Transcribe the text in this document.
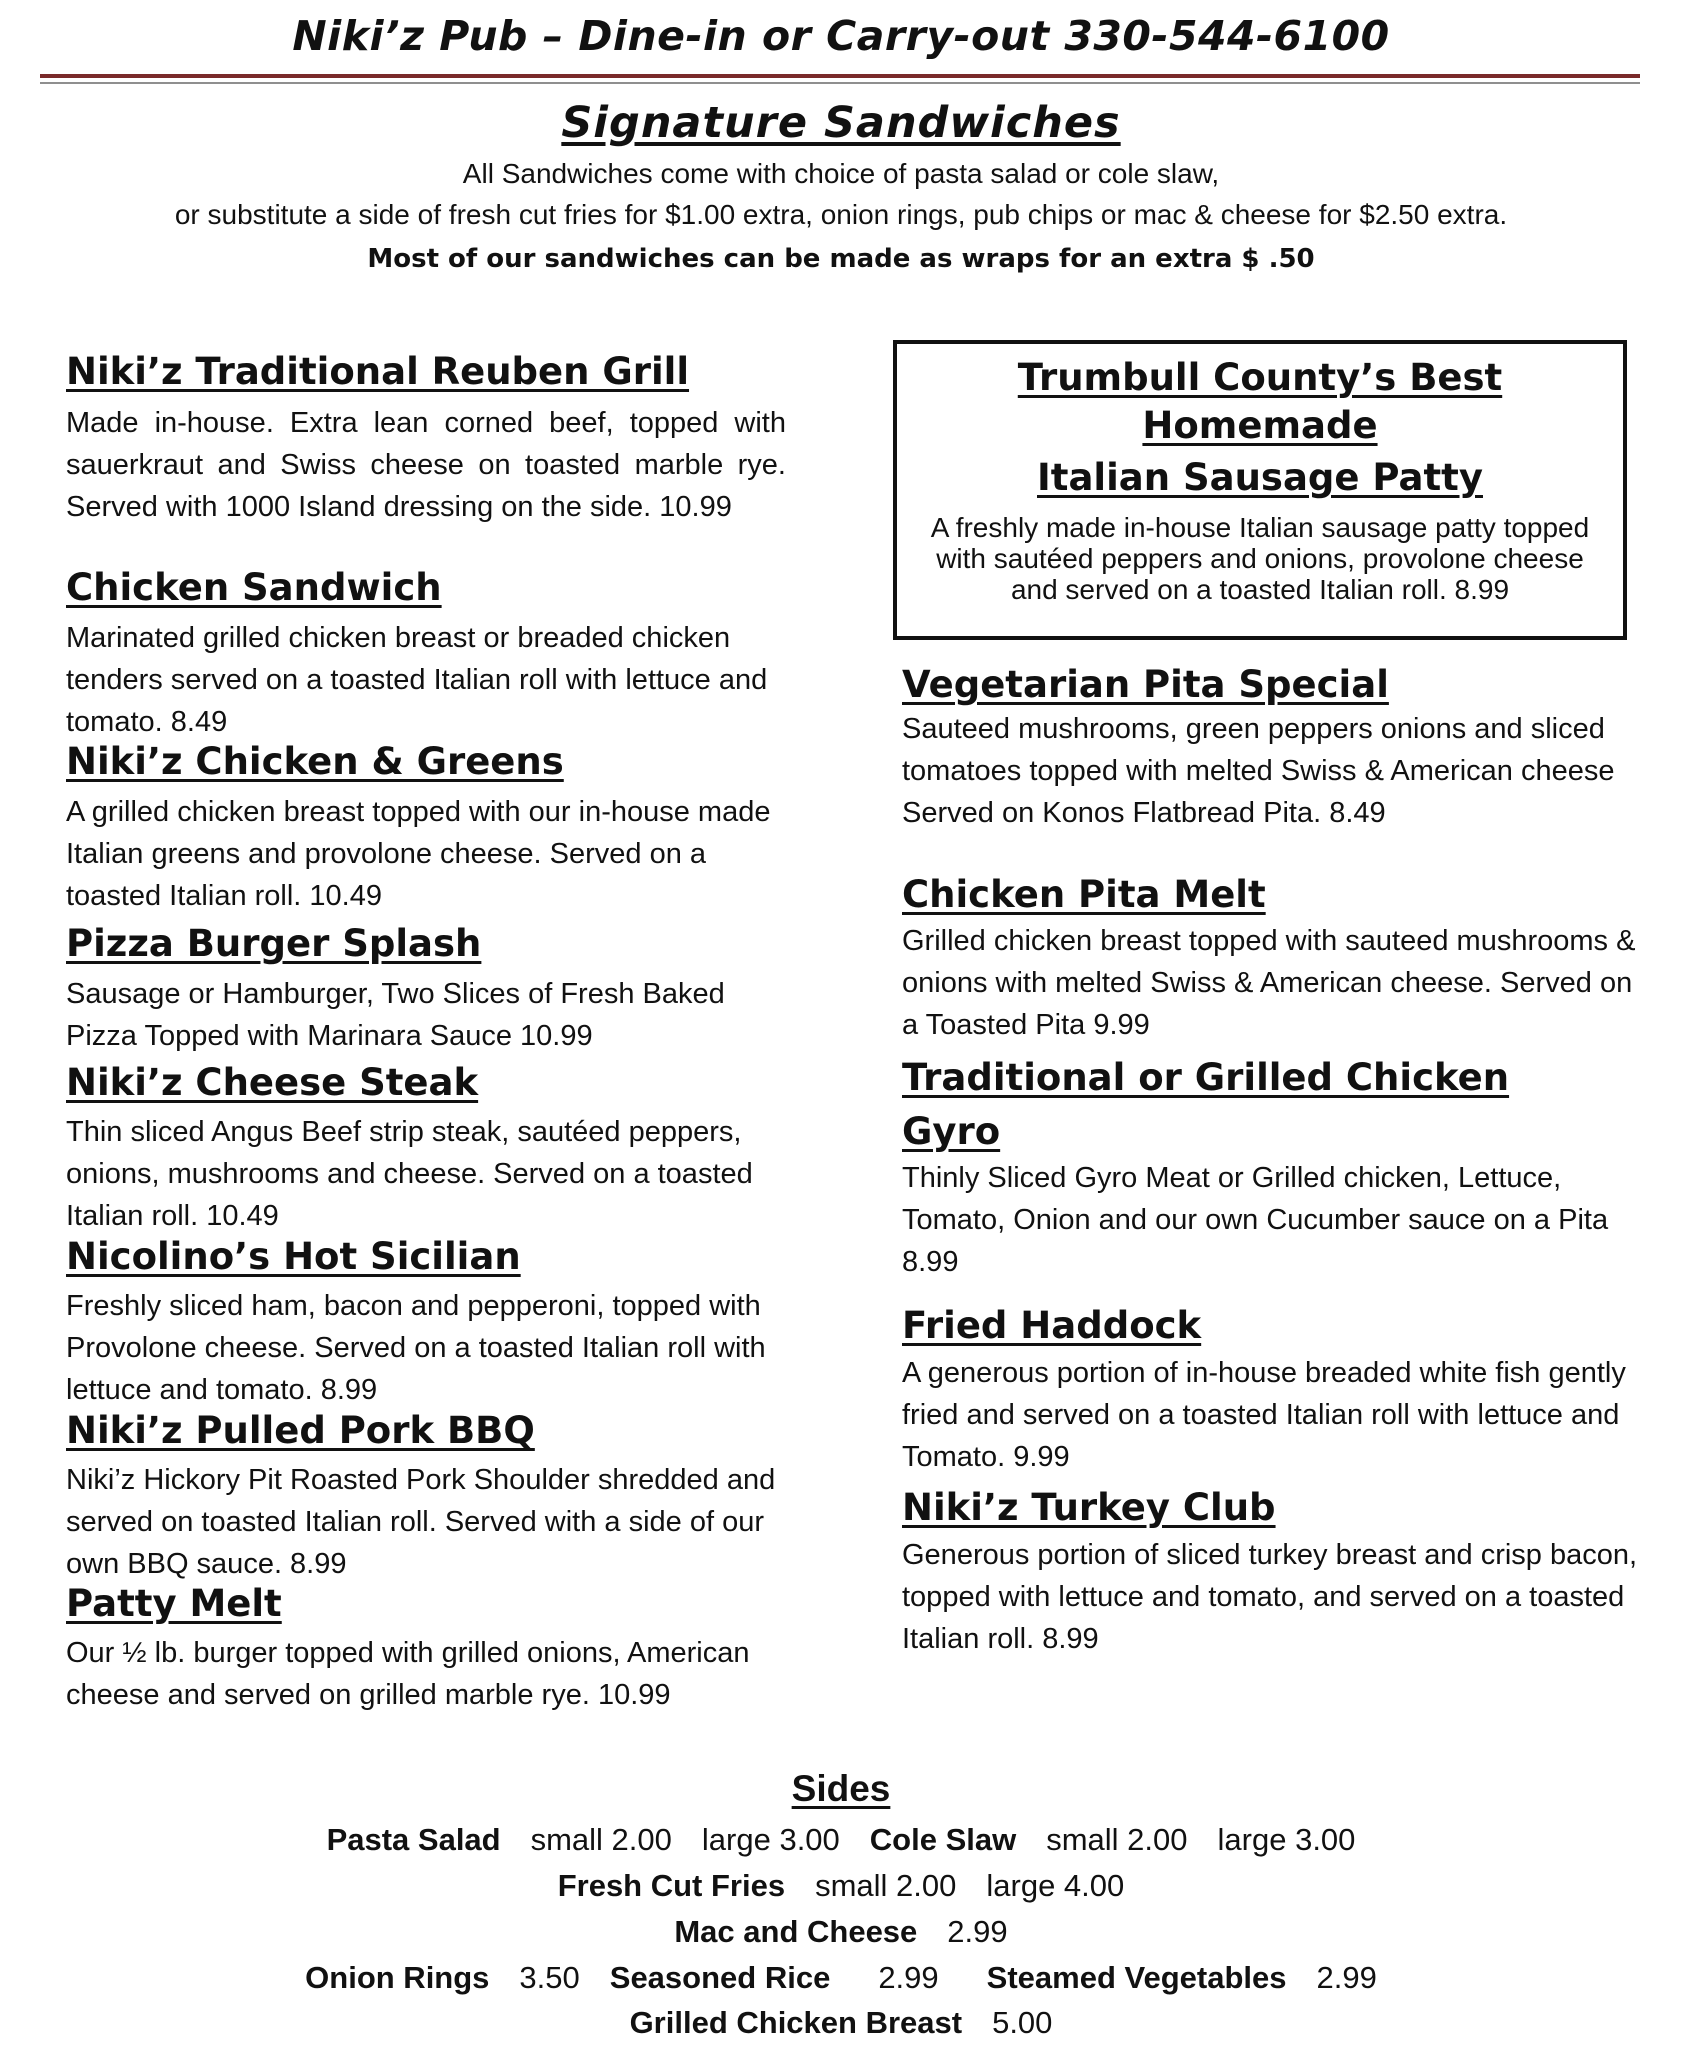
Niki’z Pub – Dine-in or Carry-out 330-544-6100
Signature Sandwiches
All Sandwiches come with choice of pasta salad or cole slaw,
or substitute a side of fresh cut fries for $1.00 extra, onion rings, pub chips or mac & cheese for $2.50 extra.
Most of our sandwiches can be made as wraps for an extra $ .50
Niki’z Traditional Reuben Grill
Made in-house. Extra lean corned beef, topped with sauerkraut and Swiss cheese on toasted marble rye. Served with 1000 Island dressing on the side. 10.99
Chicken Sandwich
Marinated grilled chicken breast or breaded chicken tenders served on a toasted Italian roll with lettuce and tomato. 8.49
Niki’z Chicken & Greens
A grilled chicken breast topped with our in-house made Italian greens and provolone cheese. Served on a toasted Italian roll. 10.49
Pizza Burger Splash
Sausage or Hamburger, Two Slices of Fresh Baked Pizza Topped with Marinara Sauce 10.99
Niki’z Cheese Steak
Thin sliced Angus Beef strip steak, sautéed peppers, onions, mushrooms and cheese. Served on a toasted Italian roll. 10.49
Nicolino’s Hot Sicilian
Freshly sliced ham, bacon and pepperoni, topped with Provolone cheese. Served on a toasted Italian roll with lettuce and tomato. 8.99
Niki’z Pulled Pork BBQ
Niki’z Hickory Pit Roasted Pork Shoulder shredded and served on toasted Italian roll. Served with a side of our own BBQ sauce. 8.99
Patty Melt
Our ½ lb. burger topped with grilled onions, American cheese and served on grilled marble rye. 10.99
Trumbull County’s Best
Homemade
Italian Sausage Patty
A freshly made in-house Italian sausage patty topped with sautéed peppers and onions, provolone cheese and served on a toasted Italian roll. 8.99
Vegetarian Pita Special
Sauteed mushrooms, green peppers onions and sliced tomatoes topped with melted Swiss & American cheese Served on Konos Flatbread Pita. 8.49
Chicken Pita Melt
Grilled chicken breast topped with sauteed mushrooms & onions with melted Swiss & American cheese. Served on a Toasted Pita 9.99
Traditional or Grilled Chicken
Gyro
Thinly Sliced Gyro Meat or Grilled chicken, Lettuce, Tomato, Onion and our own Cucumber sauce on a Pita 8.99
Fried Haddock
A generous portion of in-house breaded white fish gently fried and served on a toasted Italian roll with lettuce and Tomato. 9.99
Niki’z Turkey Club
Generous portion of sliced turkey breast and crisp bacon, topped with lettuce and tomato, and served on a toasted Italian roll. 8.99
Sides
Pasta Salad small 2.00 large 3.00 Cole Slaw small 2.00 large 3.00
Fresh Cut Fries small 2.00 large 4.00
Mac and Cheese 2.99
Onion Rings 3.50 Seasoned Rice 2.99 Steamed Vegetables 2.99
Grilled Chicken Breast 5.00
